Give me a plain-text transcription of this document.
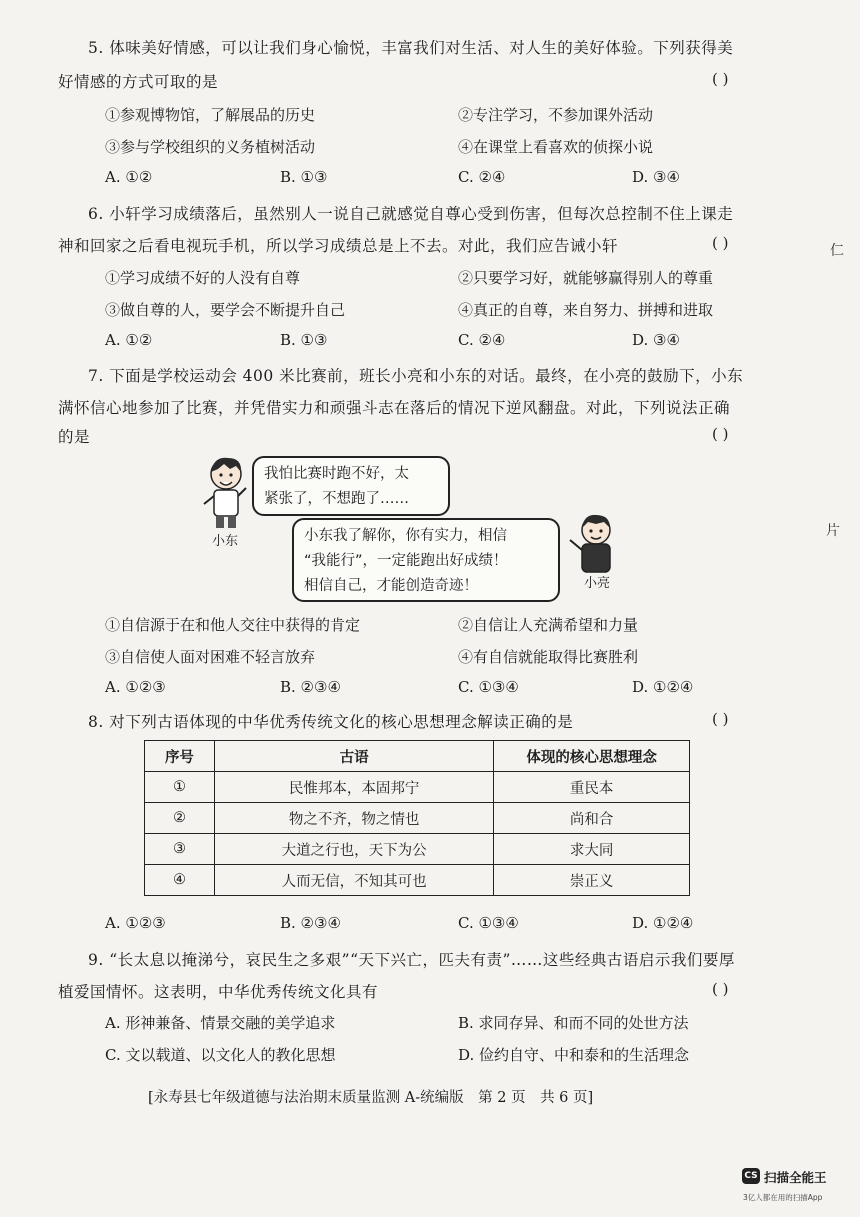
5. 体味美好情感，可以让我们身心愉悦，丰富我们对生活、对人生的美好体验。下列获得美
好情感的方式可取的是	( )
①参观博物馆，了解展品的历史	②专注学习，不参加课外活动
③参与学校组织的义务植树活动	④在课堂上看喜欢的侦探小说
A. ①②	B. ①③	C. ②④	D. ③④
6. 小轩学习成绩落后，虽然别人一说自己就感觉自尊心受到伤害，但每次总控制不住上课走
神和回家之后看电视玩手机，所以学习成绩总是上不去。对此，我们应告诫小轩	( )	仁
①学习成绩不好的人没有自尊	②只要学习好，就能够赢得别人的尊重
③做自尊的人，要学会不断提升自己	④真正的自尊，来自努力、拼搏和进取
A. ①②	B. ①③	C. ②④	D. ③④
7. 下面是学校运动会 400 米比赛前，班长小亮和小东的对话。最终，在小亮的鼓励下，小东
满怀信心地参加了比赛，并凭借实力和顽强斗志在落后的情况下逆风翻盘。对此，下列说法正确
的是	( )
小东
我怕比赛时跑不好，太
紧张了，不想跑了……
小东我了解你，你有实力，相信
“我能行”，一定能跑出好成绩！
相信自己，才能创造奇迹！	小亮
片
①自信源于在和他人交往中获得的肯定	②自信让人充满希望和力量
③自信使人面对困难不轻言放弃	④有自信就能取得比赛胜利
A. ①②③	B. ②③④	C. ①③④	D. ①②④
8. 对下列古语体现的中华优秀传统文化的核心思想理念解读正确的是	( )
序号	古语	体现的核心思想理念
①	民惟邦本，本固邦宁	重民本
②	物之不齐，物之情也	尚和合
③	大道之行也，天下为公	求大同
④	人而无信，不知其可也	崇正义
A. ①②③	B. ②③④	C. ①③④	D. ①②④
9. “长太息以掩涕兮，哀民生之多艰”“天下兴亡，匹夫有责”……这些经典古语启示我们要厚
植爱国情怀。这表明，中华优秀传统文化具有	( )
A. 形神兼备、情景交融的美学追求	B. 求同存异、和而不同的处世方法
C. 文以载道、以文化人的教化思想	D. 俭约自守、中和泰和的生活理念
[永寿县七年级道德与法治期末质量监测 A-统编版　第 2 页　共 6 页]
CS 扫描全能王
3亿人都在用的扫描App
